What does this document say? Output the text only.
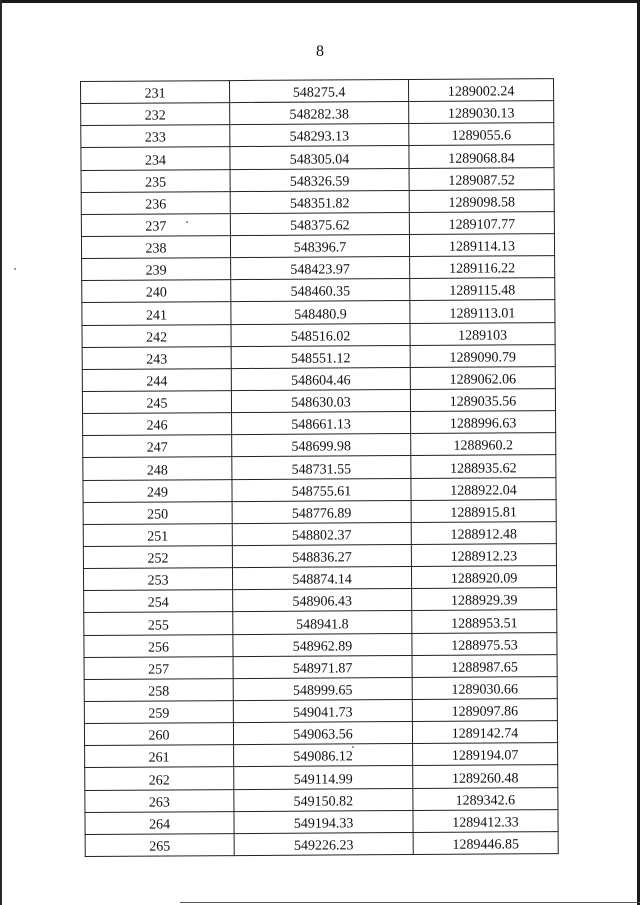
8
231	548275.4	1289002.24
232	548282.38	1289030.13
233	548293.13	1289055.6
234	548305.04	1289068.84
235	548326.59	1289087.52
236	548351.82	1289098.58
237	548375.62	1289107.77
238	548396.7	1289114.13
239	548423.97	1289116.22
240	548460.35	1289115.48
241	548480.9	1289113.01
242	548516.02	1289103
243	548551.12	1289090.79
244	548604.46	1289062.06
245	548630.03	1289035.56
246	548661.13	1288996.63
247	548699.98	1288960.2
248	548731.55	1288935.62
249	548755.61	1288922.04
250	548776.89	1288915.81
251	548802.37	1288912.48
252	548836.27	1288912.23
253	548874.14	1288920.09
254	548906.43	1288929.39
255	548941.8	1288953.51
256	548962.89	1288975.53
257	548971.87	1288987.65
258	548999.65	1289030.66
259	549041.73	1289097.86
260	549063.56	1289142.74
261	549086.12	1289194.07
262	549114.99	1289260.48
263	549150.82	1289342.6
264	549194.33	1289412.33
265	549226.23	1289446.85
